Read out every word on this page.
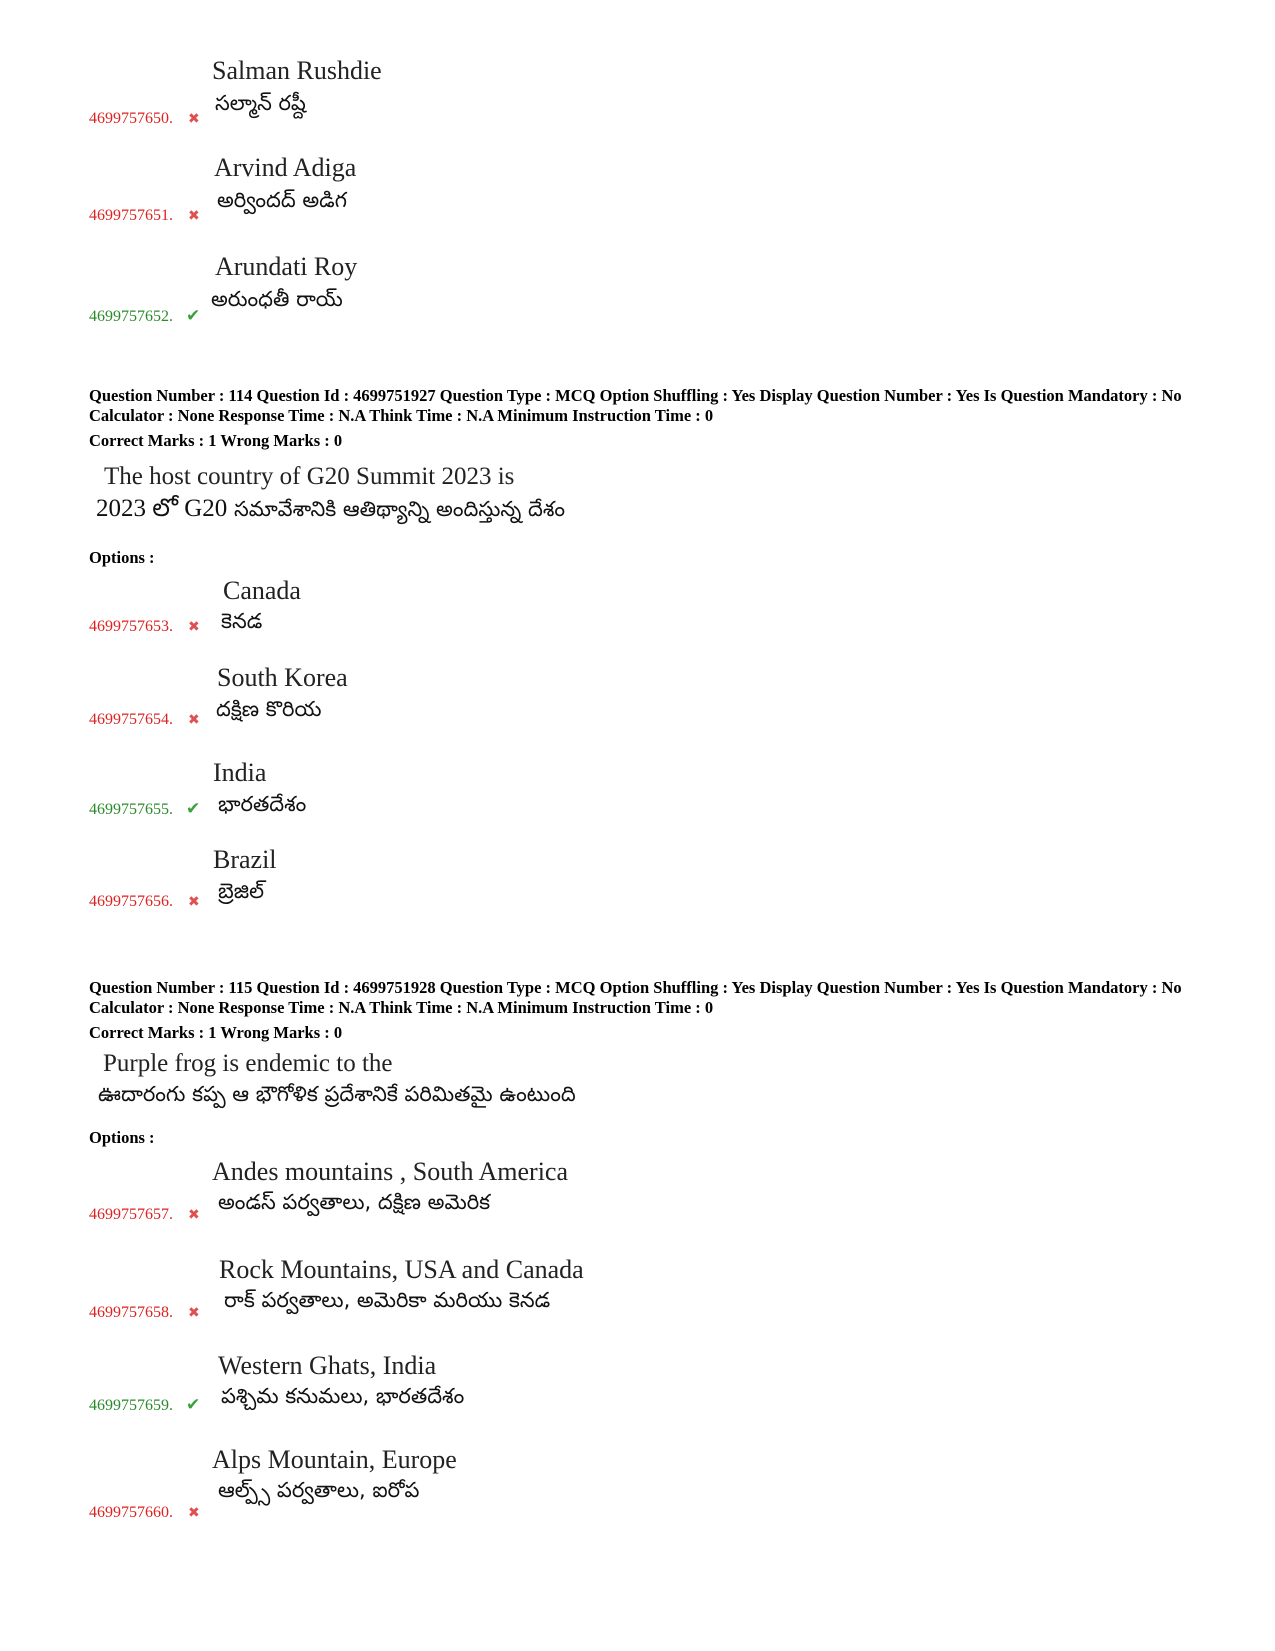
Salman Rushdie
సల్మాన్ రష్దీ
4699757650. ✖
Arvind Adiga
అర్విందద్ అడిగ
4699757651. ✖
Arundati Roy
అరుంధతీ రాయ్
4699757652. ✔
Question Number : 114 Question Id : 4699751927 Question Type : MCQ Option Shuffling : Yes Display Question Number : Yes Is Question Mandatory : No Calculator : None Response Time : N.A Think Time : N.A Minimum Instruction Time : 0
Correct Marks : 1 Wrong Marks : 0
The host country of G20 Summit 2023 is
2023 లో G20 సమావేశానికి ఆతిథ్యాన్ని అందిస్తున్న దేశం
Options :
Canada
కెనడ
4699757653. ✖
South Korea
దక్షిణ కొరియ
4699757654. ✖
India
భారతదేశం
4699757655. ✔
Brazil
బ్రెజిల్
4699757656. ✖
Question Number : 115 Question Id : 4699751928 Question Type : MCQ Option Shuffling : Yes Display Question Number : Yes Is Question Mandatory : No Calculator : None Response Time : N.A Think Time : N.A Minimum Instruction Time : 0
Correct Marks : 1 Wrong Marks : 0
Purple frog is endemic to the
ఊదారంగు కప్ప ఆ భౌగోళిక ప్రదేశానికే పరిమితమై ఉంటుంది
Options :
Andes mountains , South America
అండస్ పర్వతాలు, దక్షిణ అమెరిక
4699757657. ✖
Rock Mountains, USA and Canada
రాక్ పర్వతాలు, అమెరికా మరియు కెనడ
4699757658. ✖
Western Ghats, India
పశ్చిమ కనుమలు, భారతదేశం
4699757659. ✔
Alps Mountain, Europe
ఆల్ప్స్ పర్వతాలు, ఐరోప
4699757660. ✖
